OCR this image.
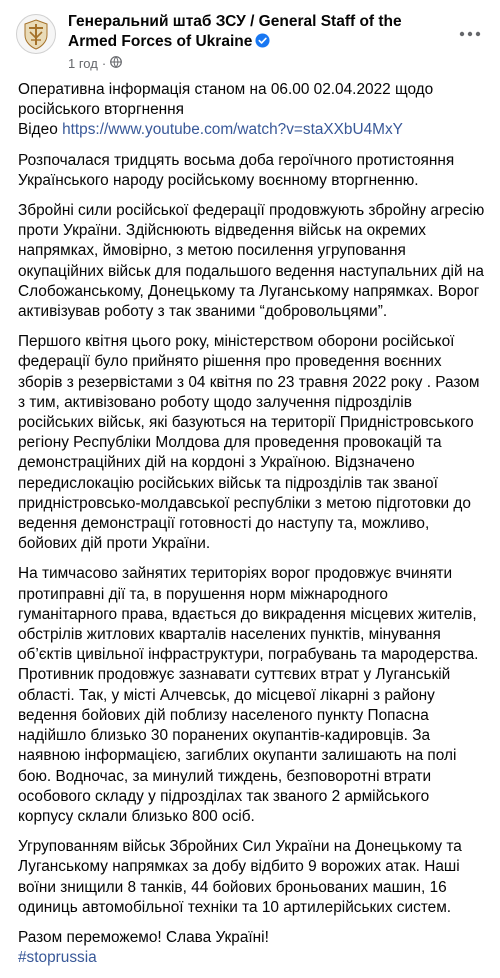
Генеральний штаб ЗСУ / General Staff of the Armed Forces of Ukraine
1 год ·

Оперативна інформація станом на 06.00 02.04.2022 щодо російського вторгнення
Відео https://www.youtube.com/watch?v=staXXbU4MxY

Розпочалася тридцять восьма доба героїчного протистояння Українського народу російському воєнному вторгненню.

Збройні сили російської федерації продовжують збройну агресію проти України. Здійснюють відведення військ на окремих напрямках, ймовірно, з метою посилення угруповання окупаційних військ для подальшого ведення наступальних дій на Слобожанському, Донецькому та Луганському напрямках. Ворог активізував роботу з так званими “добровольцями”.

Першого квітня цього року, міністерством оборони російської федерації було прийнято рішення про проведення воєнних зборів з резервістами з 04 квітня по 23 травня 2022 року . Разом з тим, активізовано роботу щодо залучення підрозділів російських військ, які базуються на території Придністровського регіону Республіки Молдова для проведення провокацій та демонстраційних дій на кордоні з Україною. Відзначено передислокацію російських військ та підрозділів так званої придністровсько-молдавської республіки з метою підготовки до ведення демонстрації готовності до наступу та, можливо, бойових дій проти України.

На тимчасово зайнятих територіях ворог продовжує вчиняти протиправні дії та, в порушення норм міжнародного гуманітарного права, вдається до викрадення місцевих жителів, обстрілів житлових кварталів населених пунктів, мінування об’єктів цивільної інфраструктури, пограбувань та мародерства. Противник продовжує зазнавати суттєвих втрат у Луганській області. Так, у місті Алчевськ, до місцевої лікарні з району ведення бойових дій поблизу населеного пункту Попасна надійшло близько 30 поранених окупантів-кадировців. За наявною інформацією, загиблих окупанти залишають на полі бою. Водночас, за минулий тиждень, безповоротні втрати особового складу у підрозділах так званого 2 армійського корпусу склали близько 800 осіб.

Угрупованням військ Збройних Сил України на Донецькому та Луганському напрямках за добу відбито 9 ворожих атак. Наші воїни знищили 8 танків, 44 бойових броньованих машин, 16 одиниць автомобільної техніки та 10 артилерійських систем.

Разом переможемо! Слава Україні!
#stoprussia
